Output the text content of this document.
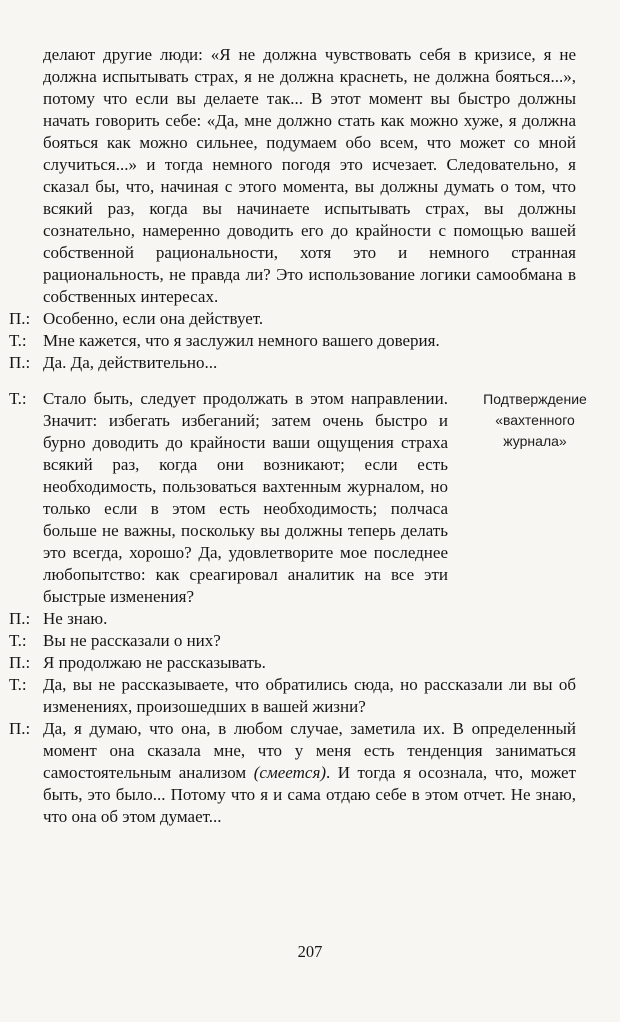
делают другие люди: «Я не должна чувствовать себя в кризисе, я не должна испытывать страх, я не должна краснеть, не должна бояться...», потому что если вы делаете так... В этот момент вы быстро должны начать говорить себе: «Да, мне должно стать как можно хуже, я должна бояться как можно сильнее, подумаем обо всем, что может со мной случиться...» и тогда немного погодя это исчезает. Следовательно, я сказал бы, что, начиная с этого момента, вы должны думать о том, что всякий раз, когда вы начинаете испытывать страх, вы должны сознательно, намеренно доводить его до крайности с помощью вашей собственной рациональности, хотя это и немного странная рациональность, не правда ли? Это использование логики самообмана в собственных интересах.

П.: Особенно, если она действует.

Т.: Мне кажется, что я заслужил немного вашего доверия.

П.: Да. Да, действительно...

Т.: Стало быть, следует продолжать в этом направлении. Значит: избегать избеганий; затем очень быстро и бурно доводить до крайности ваши ощущения страха всякий раз, когда они возникают; если есть необходимость, пользоваться вахтенным журналом, но только если в этом есть необходимость; полчаса больше не важны, поскольку вы должны теперь делать это всегда, хорошо? Да, удовлетворите мое последнее любопытство: как среагировал аналитик на все эти быстрые изменения?
Подтверждение «вахтенного журнала»

П.: Не знаю.

Т.: Вы не рассказали о них?

П.: Я продолжаю не рассказывать.

Т.: Да, вы не рассказываете, что обратились сюда, но рассказали ли вы об изменениях, произошедших в вашей жизни?

П.: Да, я думаю, что она, в любом случае, заметила их. В определенный момент она сказала мне, что у меня есть тенденция заниматься самостоятельным анализом (смеется). И тогда я осознала, что, может быть, это было... Потому что я и сама отдаю себе в этом отчет. Не знаю, что она об этом думает...

207
